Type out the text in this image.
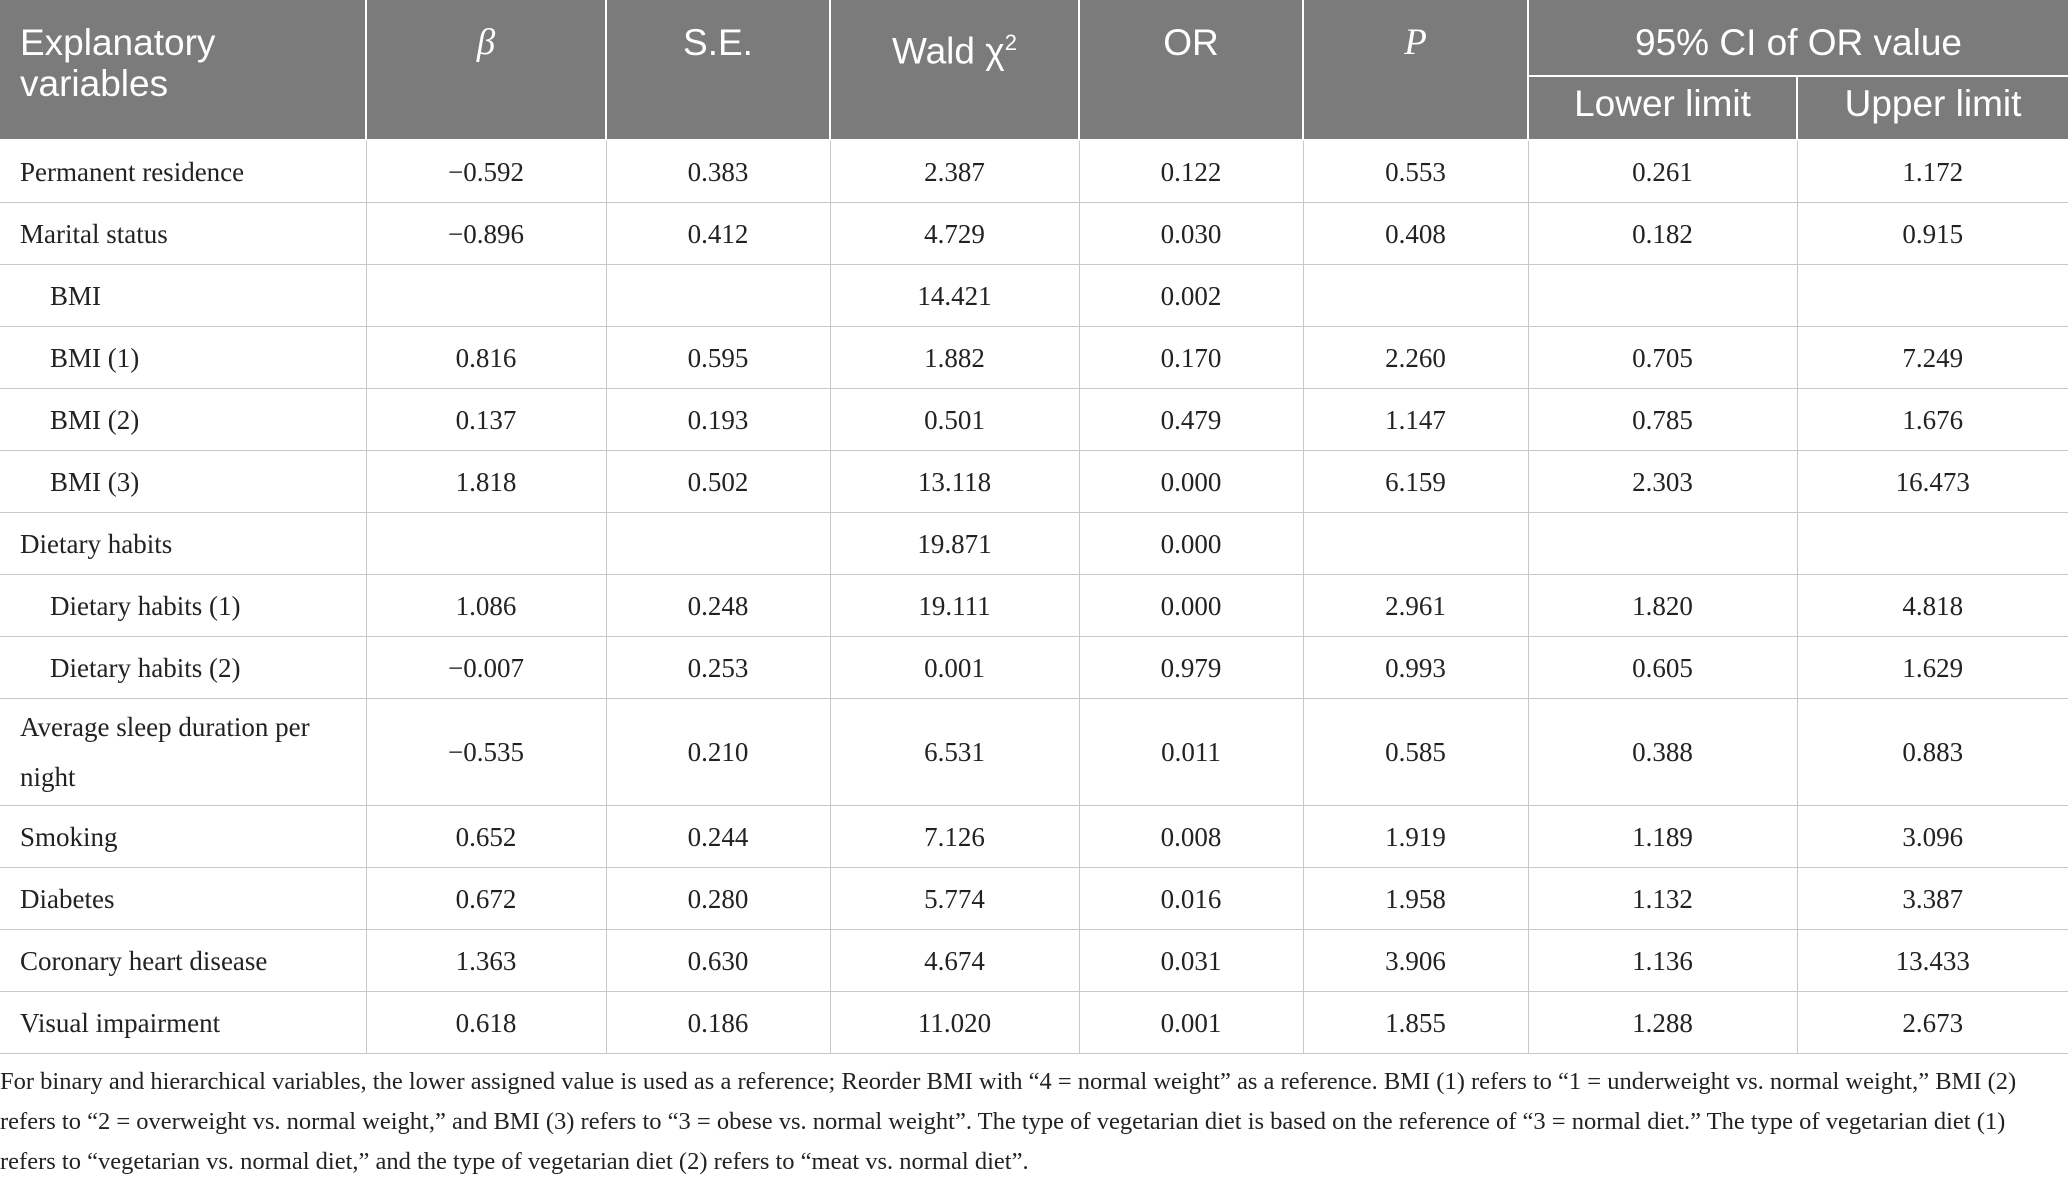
Explanatory variables	β	S.E.	Wald $\chi^2$	OR	P	95% CI of OR value	
						Lower limit	Upper limit
Permanent residence	−0.592	0.383	2.387	0.122	0.553	0.261	1.172
Marital status	−0.896	0.412	4.729	0.030	0.408	0.182	0.915
BMI			14.421	0.002			
BMI (1)	0.816	0.595	1.882	0.170	2.260	0.705	7.249
BMI (2)	0.137	0.193	0.501	0.479	1.147	0.785	1.676
BMI (3)	1.818	0.502	13.118	0.000	6.159	2.303	16.473
Dietary habits			19.871	0.000			
Dietary habits (1)	1.086	0.248	19.111	0.000	2.961	1.820	4.818
Dietary habits (2)	−0.007	0.253	0.001	0.979	0.993	0.605	1.629
Average sleep duration per night	−0.535	0.210	6.531	0.011	0.585	0.388	0.883
Smoking	0.652	0.244	7.126	0.008	1.919	1.189	3.096
Diabetes	0.672	0.280	5.774	0.016	1.958	1.132	3.387
Coronary heart disease	1.363	0.630	4.674	0.031	3.906	1.136	13.433
Visual impairment	0.618	0.186	11.020	0.001	1.855	1.288	2.673
For binary and hierarchical variables, the lower assigned value is used as a reference; Reorder BMI with “4 = normal weight” as a reference. BMI (1) refers to “1 = underweight vs. normal weight,” BMI (2) refers to “2 = overweight vs. normal weight,” and BMI (3) refers to “3 = obese vs. normal weight”. The type of vegetarian diet is based on the reference of “3 = normal diet.” The type of vegetarian diet (1) refers to “vegetarian vs. normal diet,” and the type of vegetarian diet (2) refers to “meat vs. normal diet”.
